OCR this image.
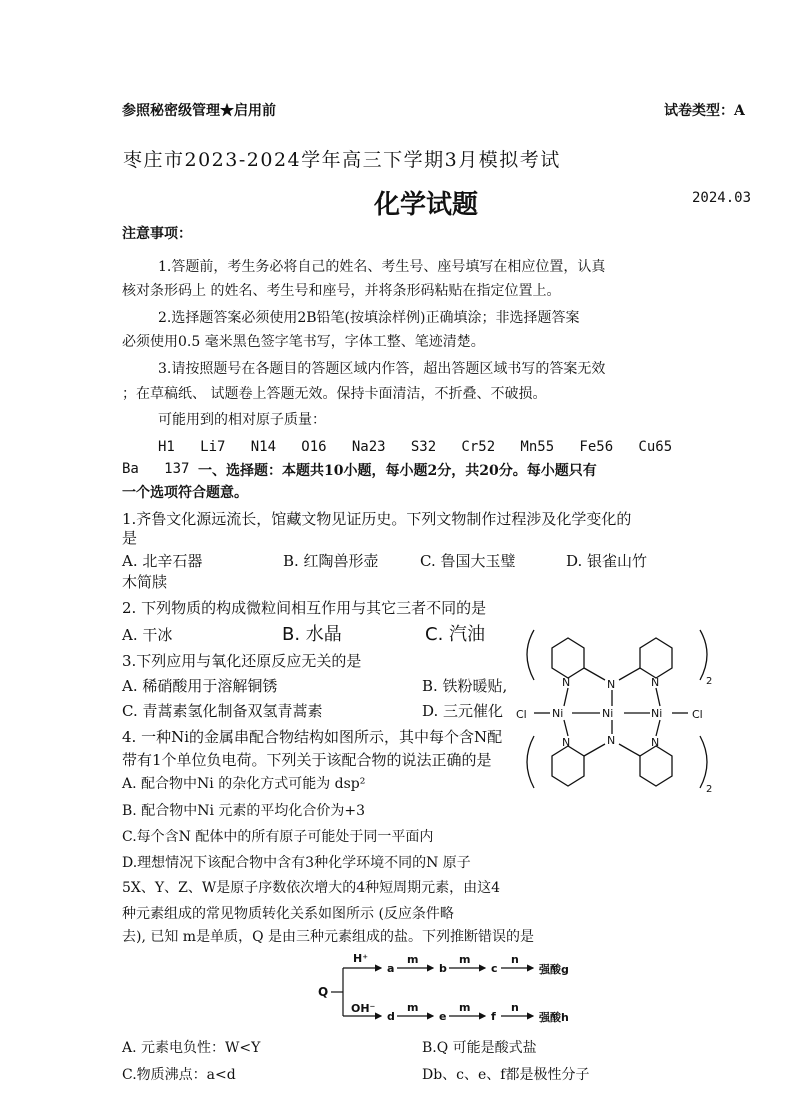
参照秘密级管理★启用前	试卷类型：A
枣庄市2023-2024学年高三下学期3月模拟考试
化学试题	2024.03
注意事项：
1.答题前，考生务必将自己的姓名、考生号、座号填写在相应位置，认真
核对条形码上 的姓名、考生号和座号，并将条形码粘贴在指定位置上。
2.选择题答案必须使用2B铅笔(按填涂样例)正确填涂；非选择题答案
必须使用0.5 毫米黑色签字笔书写，字体工整、笔迹清楚。
3.请按照题号在各题目的答题区域内作答，超出答题区域书写的答案无效
；在草稿纸、 试题卷上答题无效。保持卡面清洁，不折叠、不破损。
可能用到的相对原子质量：
H1   Li7   N14   O16   Na23   S32   Cr52   Mn55   Fe56   Cu65
Ba   137 一、选择题：本题共10小题，每小题2分，共20分。每小题只有
一个选项符合题意。
1.齐鲁文化源远流长，馆藏文物见证历史。下列文物制作过程涉及化学变化的
是
A. 北辛石器	B. 红陶兽形壶	C. 鲁国大玉璧	D. 银雀山竹
木简牍
2. 下列物质的构成微粒间相互作用与其它三者不同的是
A. 干冰	B. 水晶	C. 汽油
3.下列应用与氧化还原反应无关的是
A. 稀硝酸用于溶解铜锈	B. 铁粉暖贴,
C. 青蒿素氢化制备双氢青蒿素	D. 三元催化
4. 一种Ni的金属串配合物结构如图所示，其中每个含N配
带有1个单位负电荷。下列关于该配合物的说法正确的是
A. 配合物中Ni 的杂化方式可能为 dsp²
B. 配合物中Ni 元素的平均化合价为+3
C.每个含N 配体中的所有原子可能处于同一平面内
D.理想情况下该配合物中含有3种化学环境不同的N 原子
N	N	N
N	N	N
Ni	Ni	Ni
Cl	Cl
2
2
5X、Y、Z、W是原子序数依次增大的4种短周期元素，由这4
种元素组成的常见物质转化关系如图所示 (反应条件略
去), 已知 m是单质，Q 是由三种元素组成的盐。下列推断错误的是
Q
H⁺
OH⁻
a	b	c
d	e	f
m	m	n
m	m	n
强酸g
强酸h
A. 元素电负性：W<Y	B.Q 可能是酸式盐
C.物质沸点：a<d	Db、c、e、f都是极性分子
